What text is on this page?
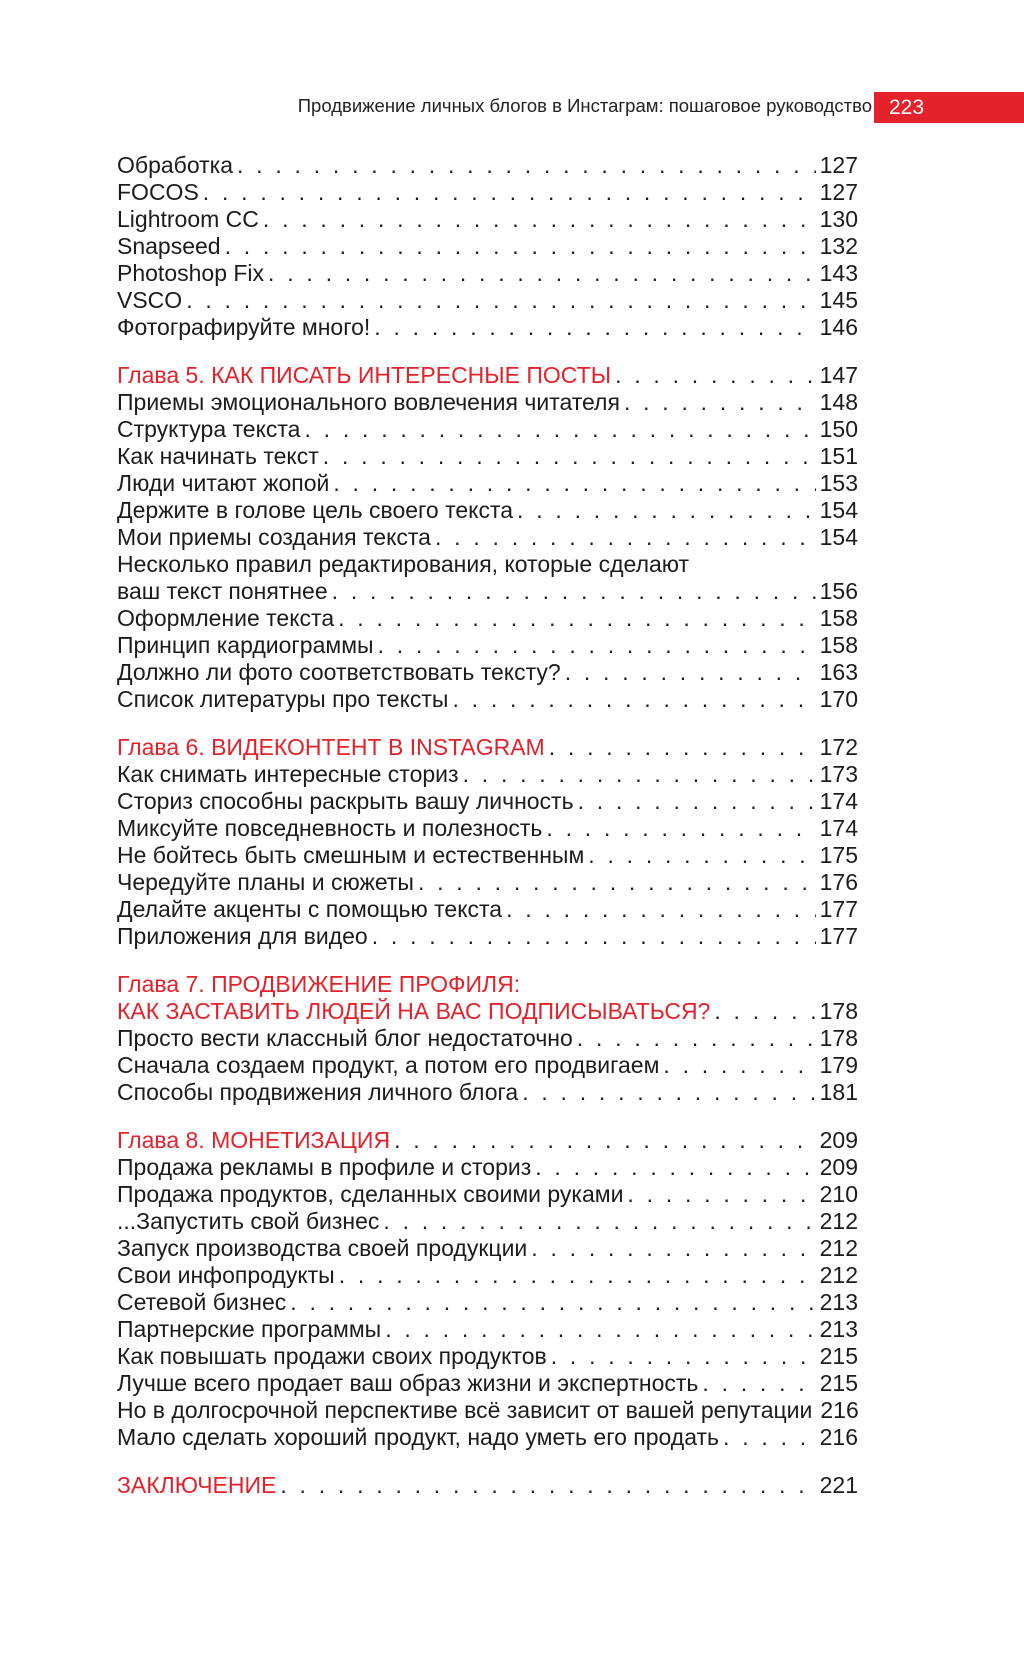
Продвижение личных блогов в Инстаграм: пошаговое руководство 223
Обработка . . .	127
FOCOS . . .	127
Lightroom CC . . .	130
Snapseed . . .	132
Photoshop Fix . . .	143
VSCO . . .	145
Фотографируйте много! . . .	146
Глава 5. КАК ПИСАТЬ ИНТЕРЕСНЫЕ ПОСТЫ . . .	147
Приемы эмоционального вовлечения читателя . . .	148
Структура текста . . .	150
Как начинать текст . . .	151
Люди читают жопой . . .	153
Держите в голове цель своего текста . . .	154
Мои приемы создания текста . . .	154
Несколько правил редактирования, которые сделают
ваш текст понятнее . . .	156
Оформление текста . . .	158
Принцип кардиограммы . . .	158
Должно ли фото соответствовать тексту? . . .	163
Список литературы про тексты . . .	170
Глава 6. ВИДЕКОНТЕНТ В INSTAGRAM . . .	172
Как снимать интересные сториз . . .	173
Сториз способны раскрыть вашу личность . . .	174
Миксуйте повседневность и полезность . . .	174
Не бойтесь быть смешным и естественным . . .	175
Чередуйте планы и сюжеты . . .	176
Делайте акценты с помощью текста . . .	177
Приложения для видео . . .	177
Глава 7. ПРОДВИЖЕНИЕ ПРОФИЛЯ:
КАК ЗАСТАВИТЬ ЛЮДЕЙ НА ВАС ПОДПИСЫВАТЬСЯ? . . .	178
Просто вести классный блог недостаточно . . .	178
Сначала создаем продукт, а потом его продвигаем . . .	179
Способы продвижения личного блога . . .	181
Глава 8. МОНЕТИЗАЦИЯ . . .	209
Продажа рекламы в профиле и сториз . . .	209
Продажа продуктов, сделанных своими руками . . .	210
...Запустить свой бизнес . . .	212
Запуск производства своей продукции . . .	212
Свои инфопродукты . . .	212
Сетевой бизнес . . .	213
Партнерские программы . . .	213
Как повышать продажи своих продуктов . . .	215
Лучше всего продает ваш образ жизни и экспертность . . .	215
Но в долгосрочной перспективе всё зависит от вашей репутации 216
Мало сделать хороший продукт, надо уметь его продать . . .	216
ЗАКЛЮЧЕНИЕ . . .	221
